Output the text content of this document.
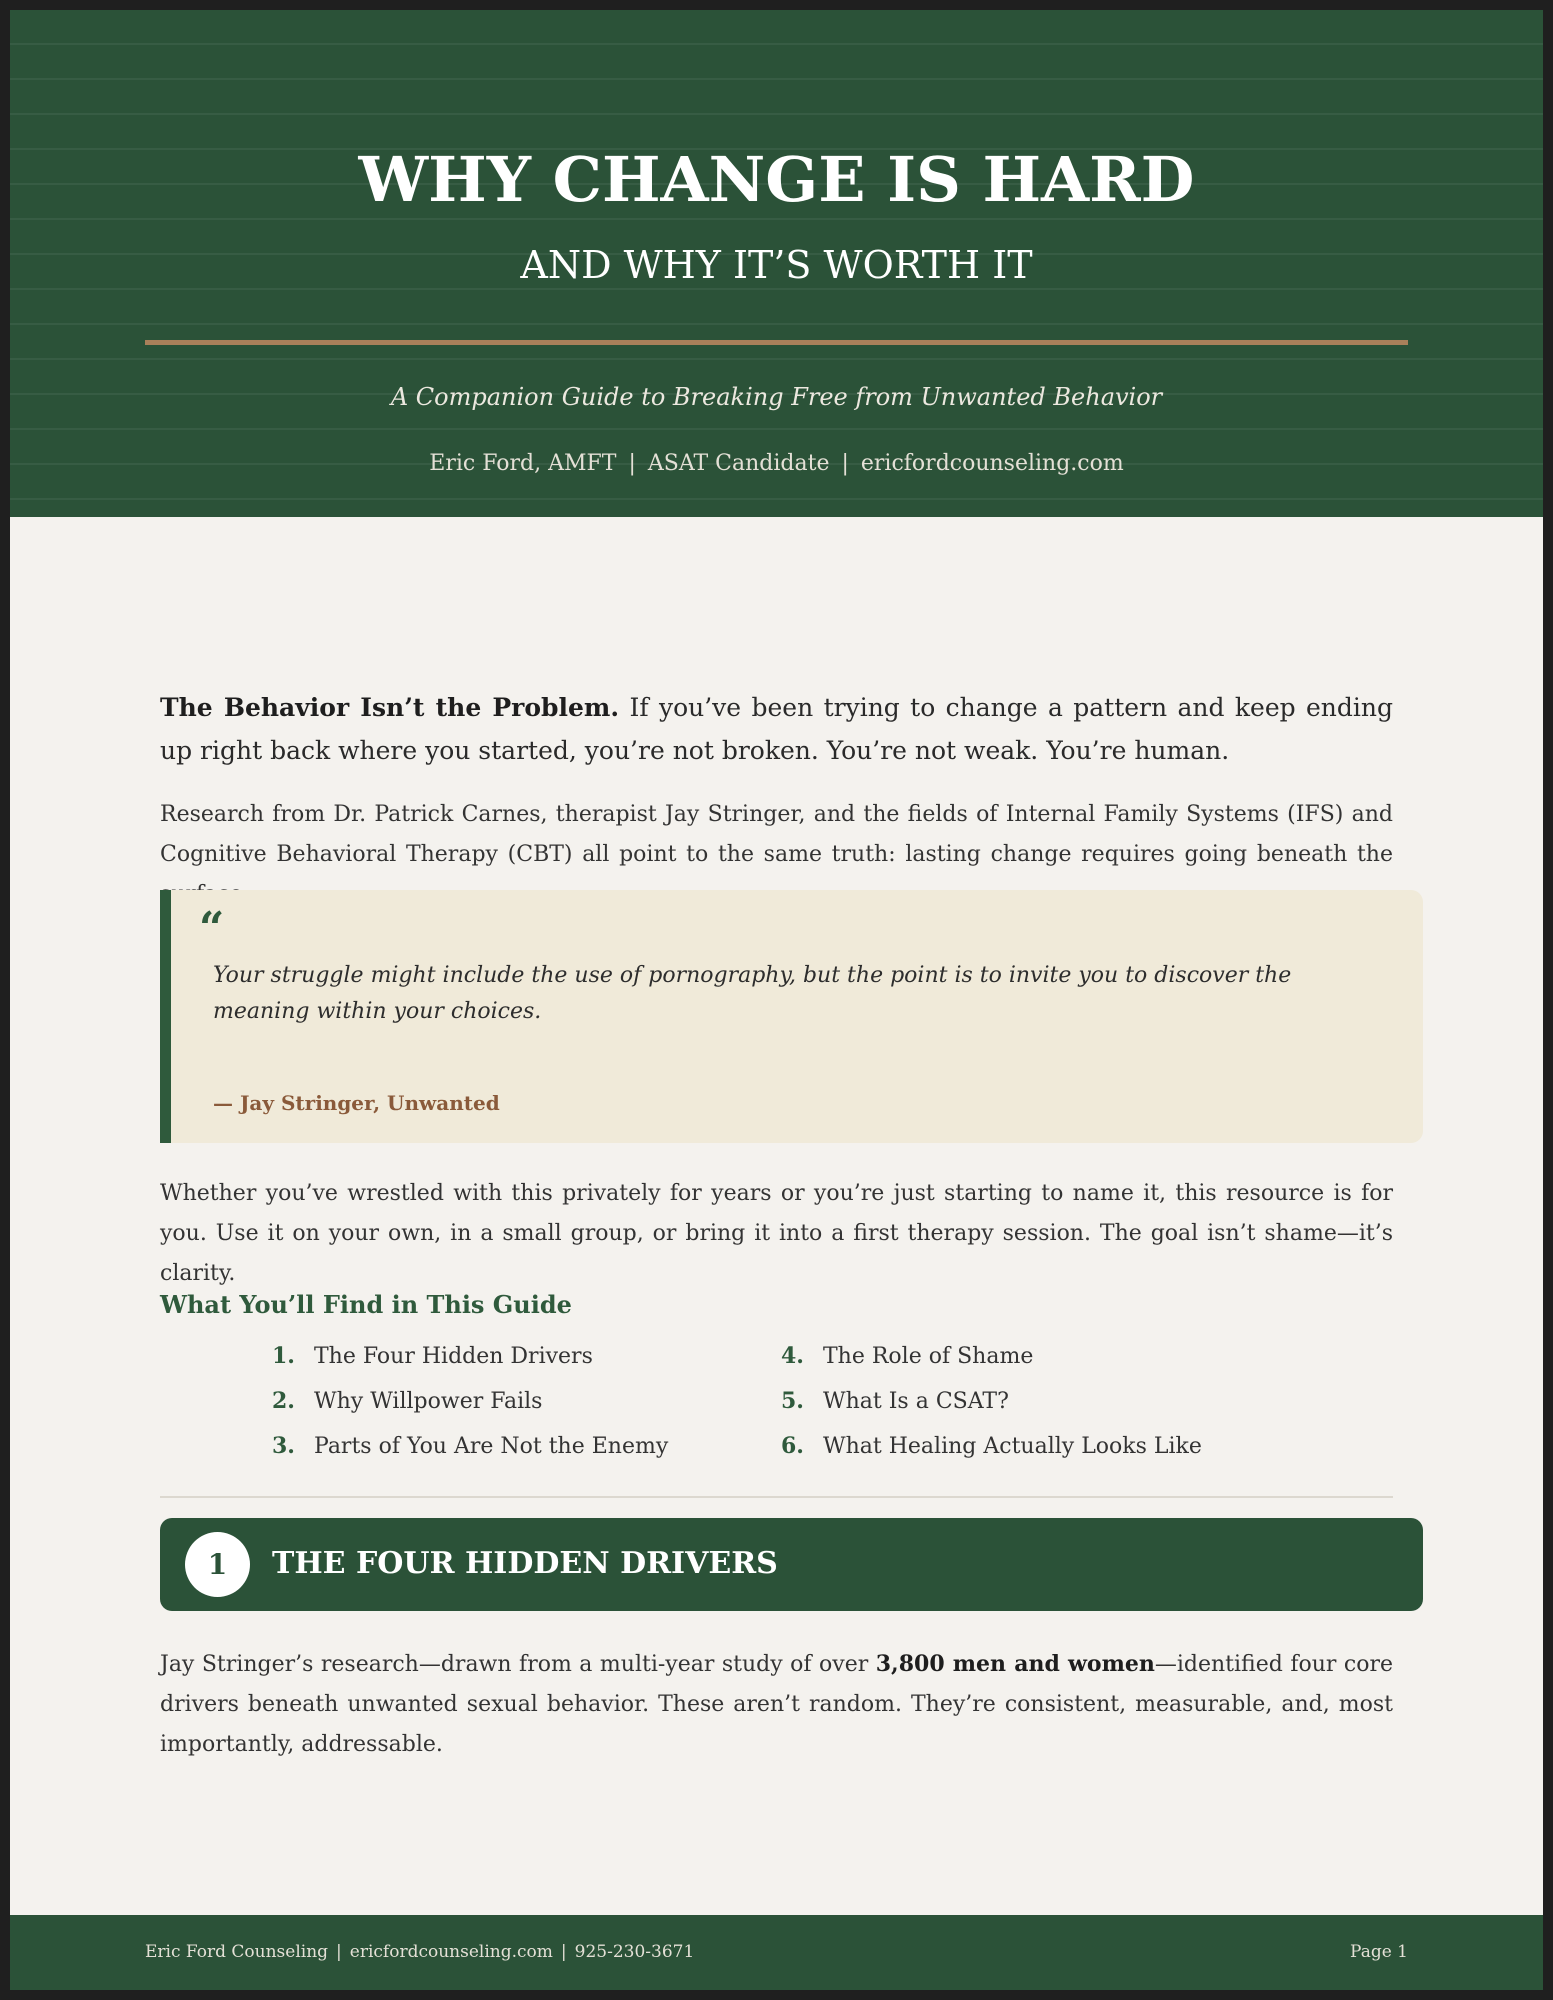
WHY CHANGE IS HARD
AND WHY IT’S WORTH IT
A Companion Guide to Breaking Free from Unwanted Behavior
Eric Ford, AMFT | ASAT Candidate | ericfordcounseling.com
The Behavior Isn’t the Problem. If you’ve been trying to change a pattern and keep ending up right back where you started, you’re not broken. You’re not weak. You’re human.
Research from Dr. Patrick Carnes, therapist Jay Stringer, and the fields of Internal Family Systems (IFS) and Cognitive Behavioral Therapy (CBT) all point to the same truth: lasting change requires going beneath the
“
Your struggle might include the use of pornography, but the point is to invite you to discover the meaning within your choices.
— Jay Stringer, Unwanted
Whether you’ve wrestled with this privately for years or you’re just starting to name it, this resource is for you. Use it on your own, in a small group, or bring it into a first therapy session. The goal isn’t shame—it’s clarity.
What You’ll Find in This Guide
1. The Four Hidden Drivers
2. Why Willpower Fails
3. Parts of You Are Not the Enemy
4. The Role of Shame
5. What Is a CSAT?
6. What Healing Actually Looks Like
1	THE FOUR HIDDEN DRIVERS
Jay Stringer’s research—drawn from a multi-year study of over 3,800 men and women—identified four core drivers beneath unwanted sexual behavior. These aren’t random. They’re consistent, measurable, and, most importantly, addressable.
Eric Ford Counseling | ericfordcounseling.com | 925-230-3671	Page 1
